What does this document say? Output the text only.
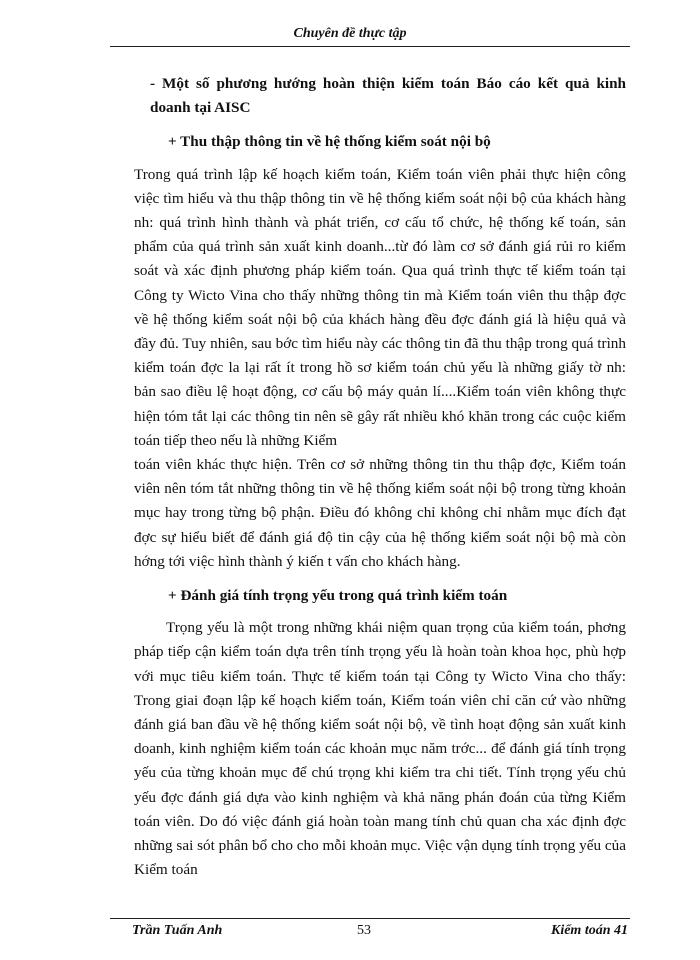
Chuyên đề thực tập

- Một số phương hướng hoàn thiện kiểm toán Báo cáo kết quả kinh doanh tại AISC

+ Thu thập thông tin về hệ thống kiểm soát nội bộ

Trong quá trình lập kế hoạch kiểm toán, Kiểm toán viên phải thực hiện công việc tìm hiểu và thu thập thông tin về hệ thống kiểm soát nội bộ của khách hàng nh: quá trình hình thành và phát triển, cơ cấu tổ chức, hệ thống kế toán, sản phẩm của quá trình sản xuất kinh doanh...từ đó làm cơ sở đánh giá rủi ro kiểm soát và xác định phương pháp kiểm toán. Qua quá trình thực tế kiểm toán tại Công ty Wicto Vina cho thấy những thông tin mà Kiểm toán viên thu thập đợc về hệ thống kiểm soát nội bộ của khách hàng đều đợc đánh giá là hiệu quả và đầy đủ. Tuy nhiên, sau bớc tìm hiểu này các thông tin đã thu thập trong quá trình kiểm toán đợc la lại rất ít trong hồ sơ kiểm toán chủ yếu là những giấy tờ nh: bản sao điều lệ hoạt động, cơ cấu bộ máy quản lí....Kiểm toán viên không thực hiện tóm tắt lại các thông tin nên sẽ gây rất nhiều khó khăn trong các cuộc kiểm toán tiếp theo nếu là những Kiểm

toán viên khác thực hiện. Trên cơ sở những thông tin thu thập đợc, Kiểm toán viên nên tóm tắt những thông tin về hệ thống kiểm soát nội bộ trong từng khoản mục hay trong từng bộ phận. Điều đó không chỉ không chỉ nhằm mục đích đạt đợc sự hiểu biết để đánh giá độ tin cậy của hệ thống kiểm soát nội bộ mà còn hớng tới việc hình thành ý kiến t vấn cho khách hàng.

+ Đánh giá tính trọng yếu trong quá trình kiểm toán

Trọng yếu là một trong những khái niệm quan trọng của kiểm toán, phơng pháp tiếp cận kiểm toán dựa trên tính trọng yếu là hoàn toàn khoa học, phù hợp với mục tiêu kiểm toán. Thực tế kiểm toán tại Công ty Wicto Vina cho thấy: Trong giai đoạn lập kế hoạch kiểm toán, Kiểm toán viên chỉ căn cứ vào những đánh giá ban đầu về hệ thống kiểm soát nội bộ, về tình hoạt động sản xuất kinh doanh, kinh nghiệm kiểm toán các khoản mục năm trớc... để đánh giá tính trọng yếu của từng khoản mục để chú trọng khi kiểm tra chi tiết. Tính trọng yếu chủ yếu đợc đánh giá dựa vào kinh nghiệm và khả năng phán đoán của từng Kiểm toán viên. Do đó việc đánh giá hoàn toàn mang tính chủ quan cha xác định đợc những sai sót phân bổ cho cho mỗi khoản mục. Việc vận dụng tính trọng yếu của Kiểm toán

Trần Tuấn Anh	53	Kiểm toán 41
